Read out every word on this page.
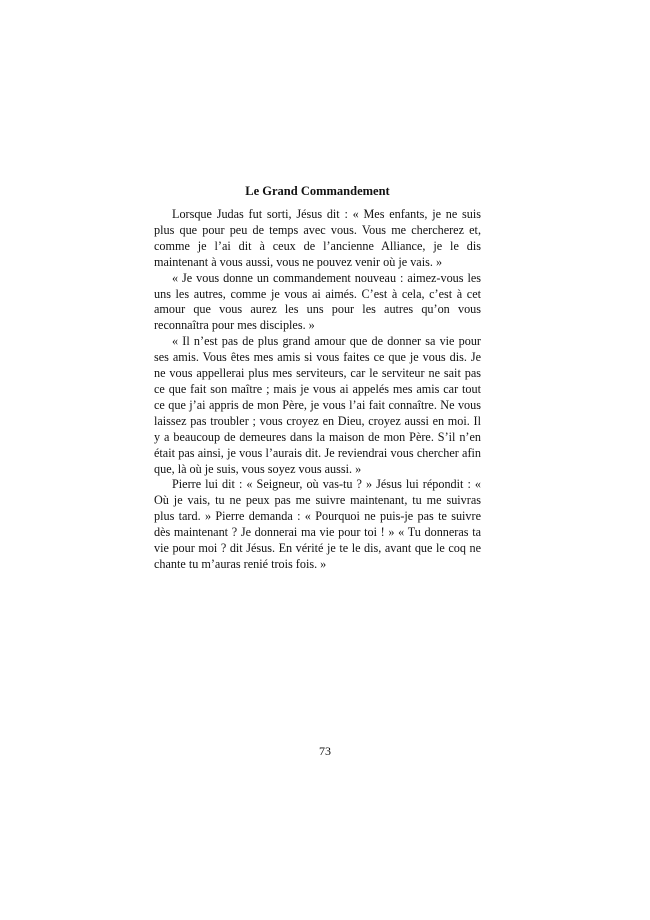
Le Grand Commandement

Lorsque Judas fut sorti, Jésus dit : « Mes enfants, je ne suis plus que pour peu de temps avec vous. Vous me chercherez et, comme je l’ai dit à ceux de l’ancienne Alliance, je le dis maintenant à vous aussi, vous ne pouvez venir où je vais. »

« Je vous donne un commandement nouveau : aimez-vous les uns les autres, comme je vous ai aimés. C’est à cela, c’est à cet amour que vous aurez les uns pour les autres qu’on vous reconnaîtra pour mes disciples. »

« Il n’est pas de plus grand amour que de donner sa vie pour ses amis. Vous êtes mes amis si vous faites ce que je vous dis. Je ne vous appellerai plus mes serviteurs, car le serviteur ne sait pas ce que fait son maître ; mais je vous ai appelés mes amis car tout ce que j’ai appris de mon Père, je vous l’ai fait connaître. Ne vous laissez pas troubler ; vous croyez en Dieu, croyez aussi en moi. Il y a beaucoup de demeures dans la maison de mon Père. S’il n’en était pas ainsi, je vous l’aurais dit. Je reviendrai vous chercher afin que, là où je suis, vous soyez vous aussi. »

Pierre lui dit : « Seigneur, où vas-tu ? » Jésus lui répondit : « Où je vais, tu ne peux pas me suivre maintenant, tu me suivras plus tard. » Pierre demanda : « Pourquoi ne puis-je pas te suivre dès maintenant ? Je donnerai ma vie pour toi ! » « Tu donneras ta vie pour moi ? dit Jésus. En vérité je te le dis, avant que le coq ne chante tu m’auras renié trois fois. »

73
